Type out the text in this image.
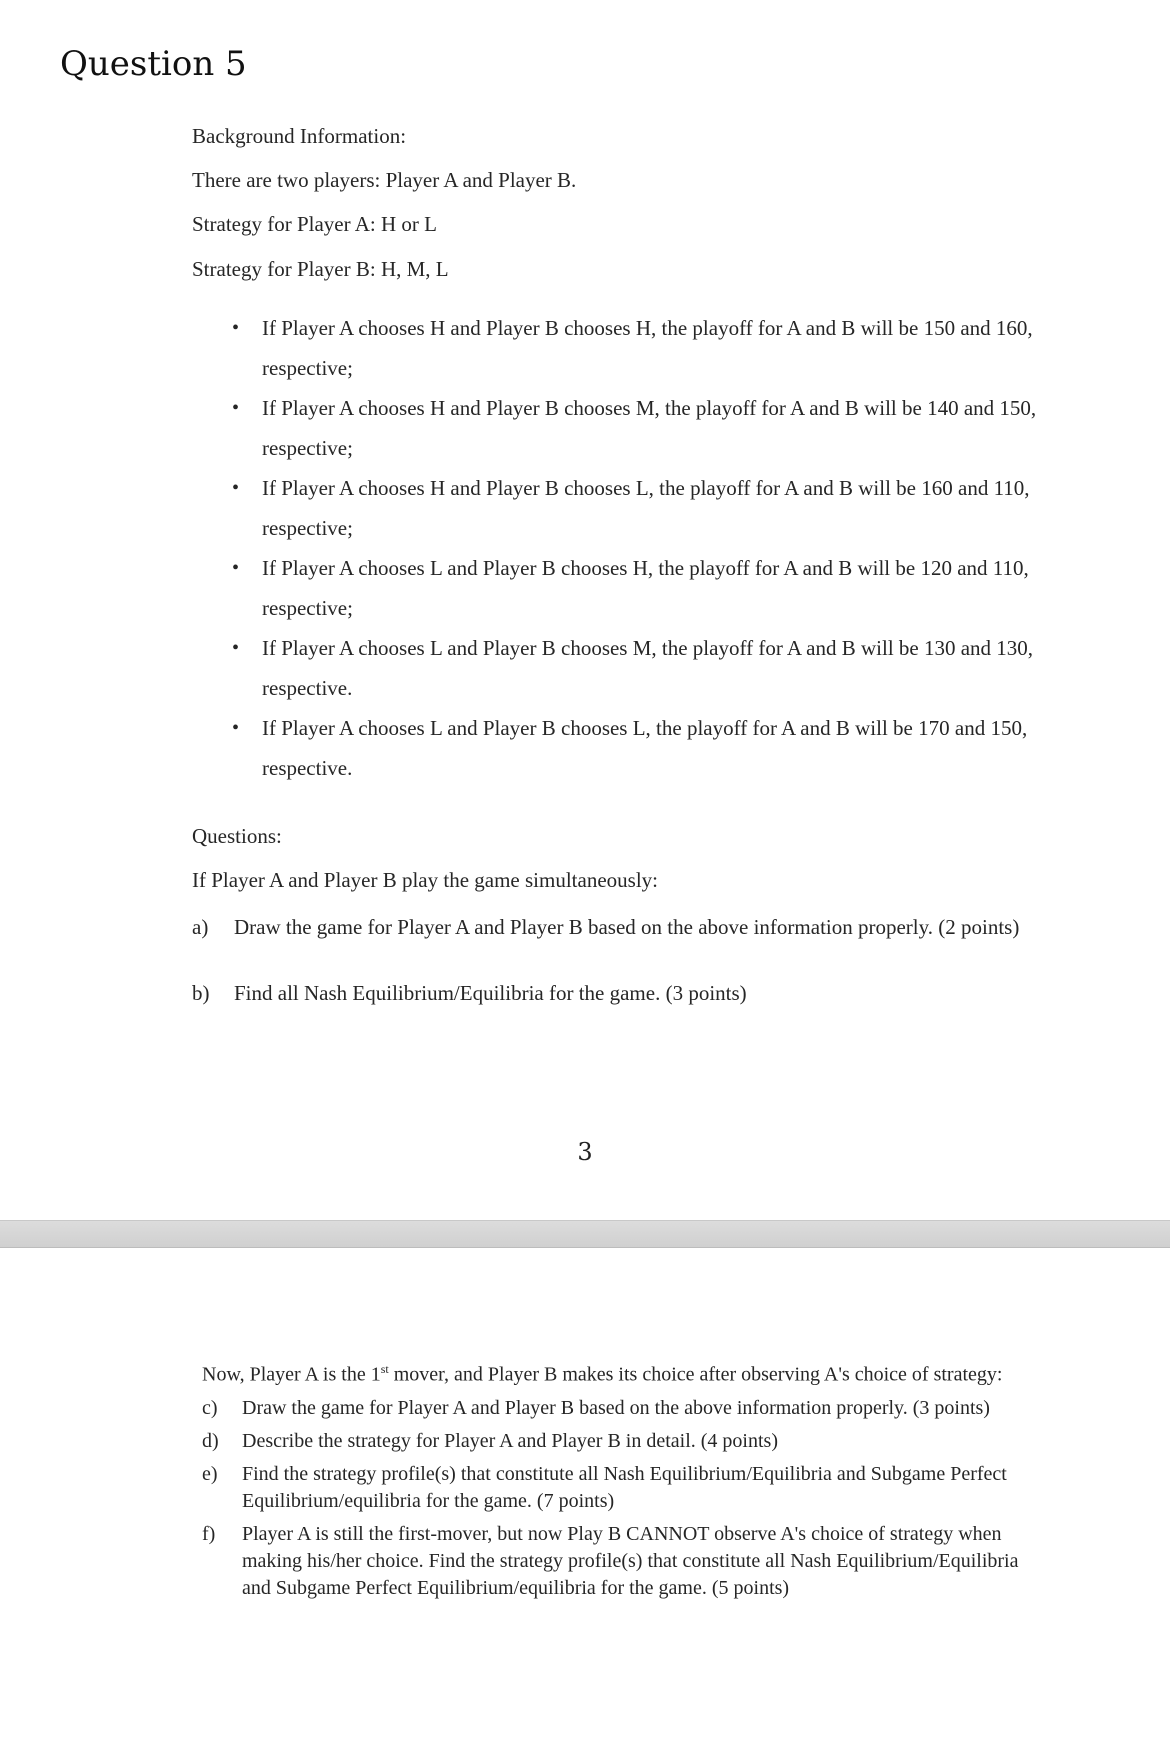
Question 5
Background Information:
There are two players: Player A and Player B.
Strategy for Player A: H or L
Strategy for Player B: H, M, L
• If Player A chooses H and Player B chooses H, the playoff for A and B will be 150 and 160, respective;
• If Player A chooses H and Player B chooses M, the playoff for A and B will be 140 and 150, respective;
• If Player A chooses H and Player B chooses L, the playoff for A and B will be 160 and 110, respective;
• If Player A chooses L and Player B chooses H, the playoff for A and B will be 120 and 110, respective;
• If Player A chooses L and Player B chooses M, the playoff for A and B will be 130 and 130, respective.
• If Player A chooses L and Player B chooses L, the playoff for A and B will be 170 and 150, respective.
Questions:
If Player A and Player B play the game simultaneously:
a)	Draw the game for Player A and Player B based on the above information properly. (2 points)
b)	Find all Nash Equilibrium/Equilibria for the game. (3 points)
3

Now, Player A is the 1st mover, and Player B makes its choice after observing A's choice of strategy:

c)	Draw the game for Player A and Player B based on the above information properly. (3 points)
d)	Describe the strategy for Player A and Player B in detail. (4 points)
e)	Find the strategy profile(s) that constitute all Nash Equilibrium/Equilibria and Subgame Perfect Equilibrium/equilibria for the game. (7 points)
f)	Player A is still the first-mover, but now Play B CANNOT observe A's choice of strategy when making his/her choice. Find the strategy profile(s) that constitute all Nash Equilibrium/Equilibria and Subgame Perfect Equilibrium/equilibria for the game. (5 points)
